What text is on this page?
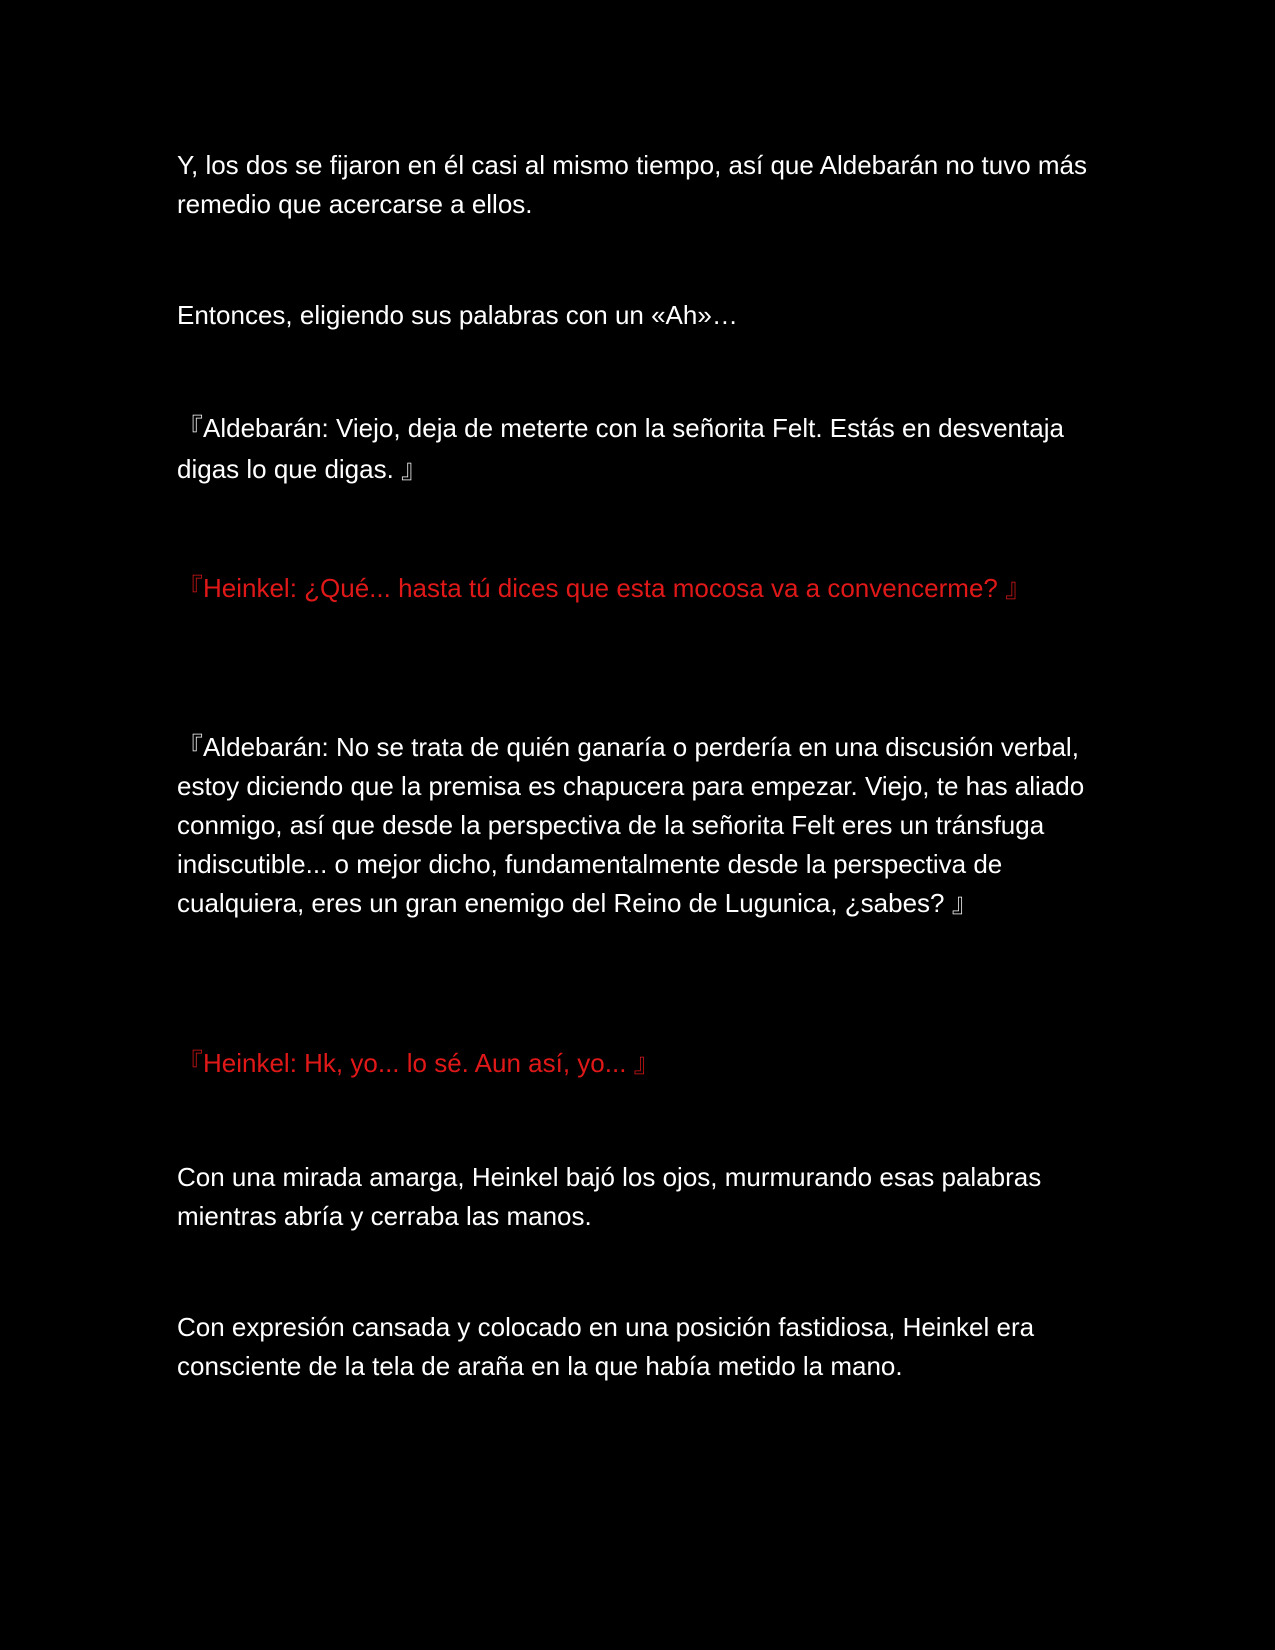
Y, los dos se fijaron en él casi al mismo tiempo, así que Aldebarán no tuvo más remedio que acercarse a ellos.

Entonces, eligiendo sus palabras con un «Ah»…

『Aldebarán: Viejo, deja de meterte con la señorita Felt. Estás en desventaja digas lo que digas. 』

『Heinkel: ¿Qué... hasta tú dices que esta mocosa va a convencerme? 』

『Aldebarán: No se trata de quién ganaría o perdería en una discusión verbal, estoy diciendo que la premisa es chapucera para empezar. Viejo, te has aliado conmigo, así que desde la perspectiva de la señorita Felt eres un tránsfuga indiscutible... o mejor dicho, fundamentalmente desde la perspectiva de cualquiera, eres un gran enemigo del Reino de Lugunica, ¿sabes? 』

『Heinkel: Hk, yo... lo sé. Aun así, yo... 』

Con una mirada amarga, Heinkel bajó los ojos, murmurando esas palabras mientras abría y cerraba las manos.

Con expresión cansada y colocado en una posición fastidiosa, Heinkel era consciente de la tela de araña en la que había metido la mano.
